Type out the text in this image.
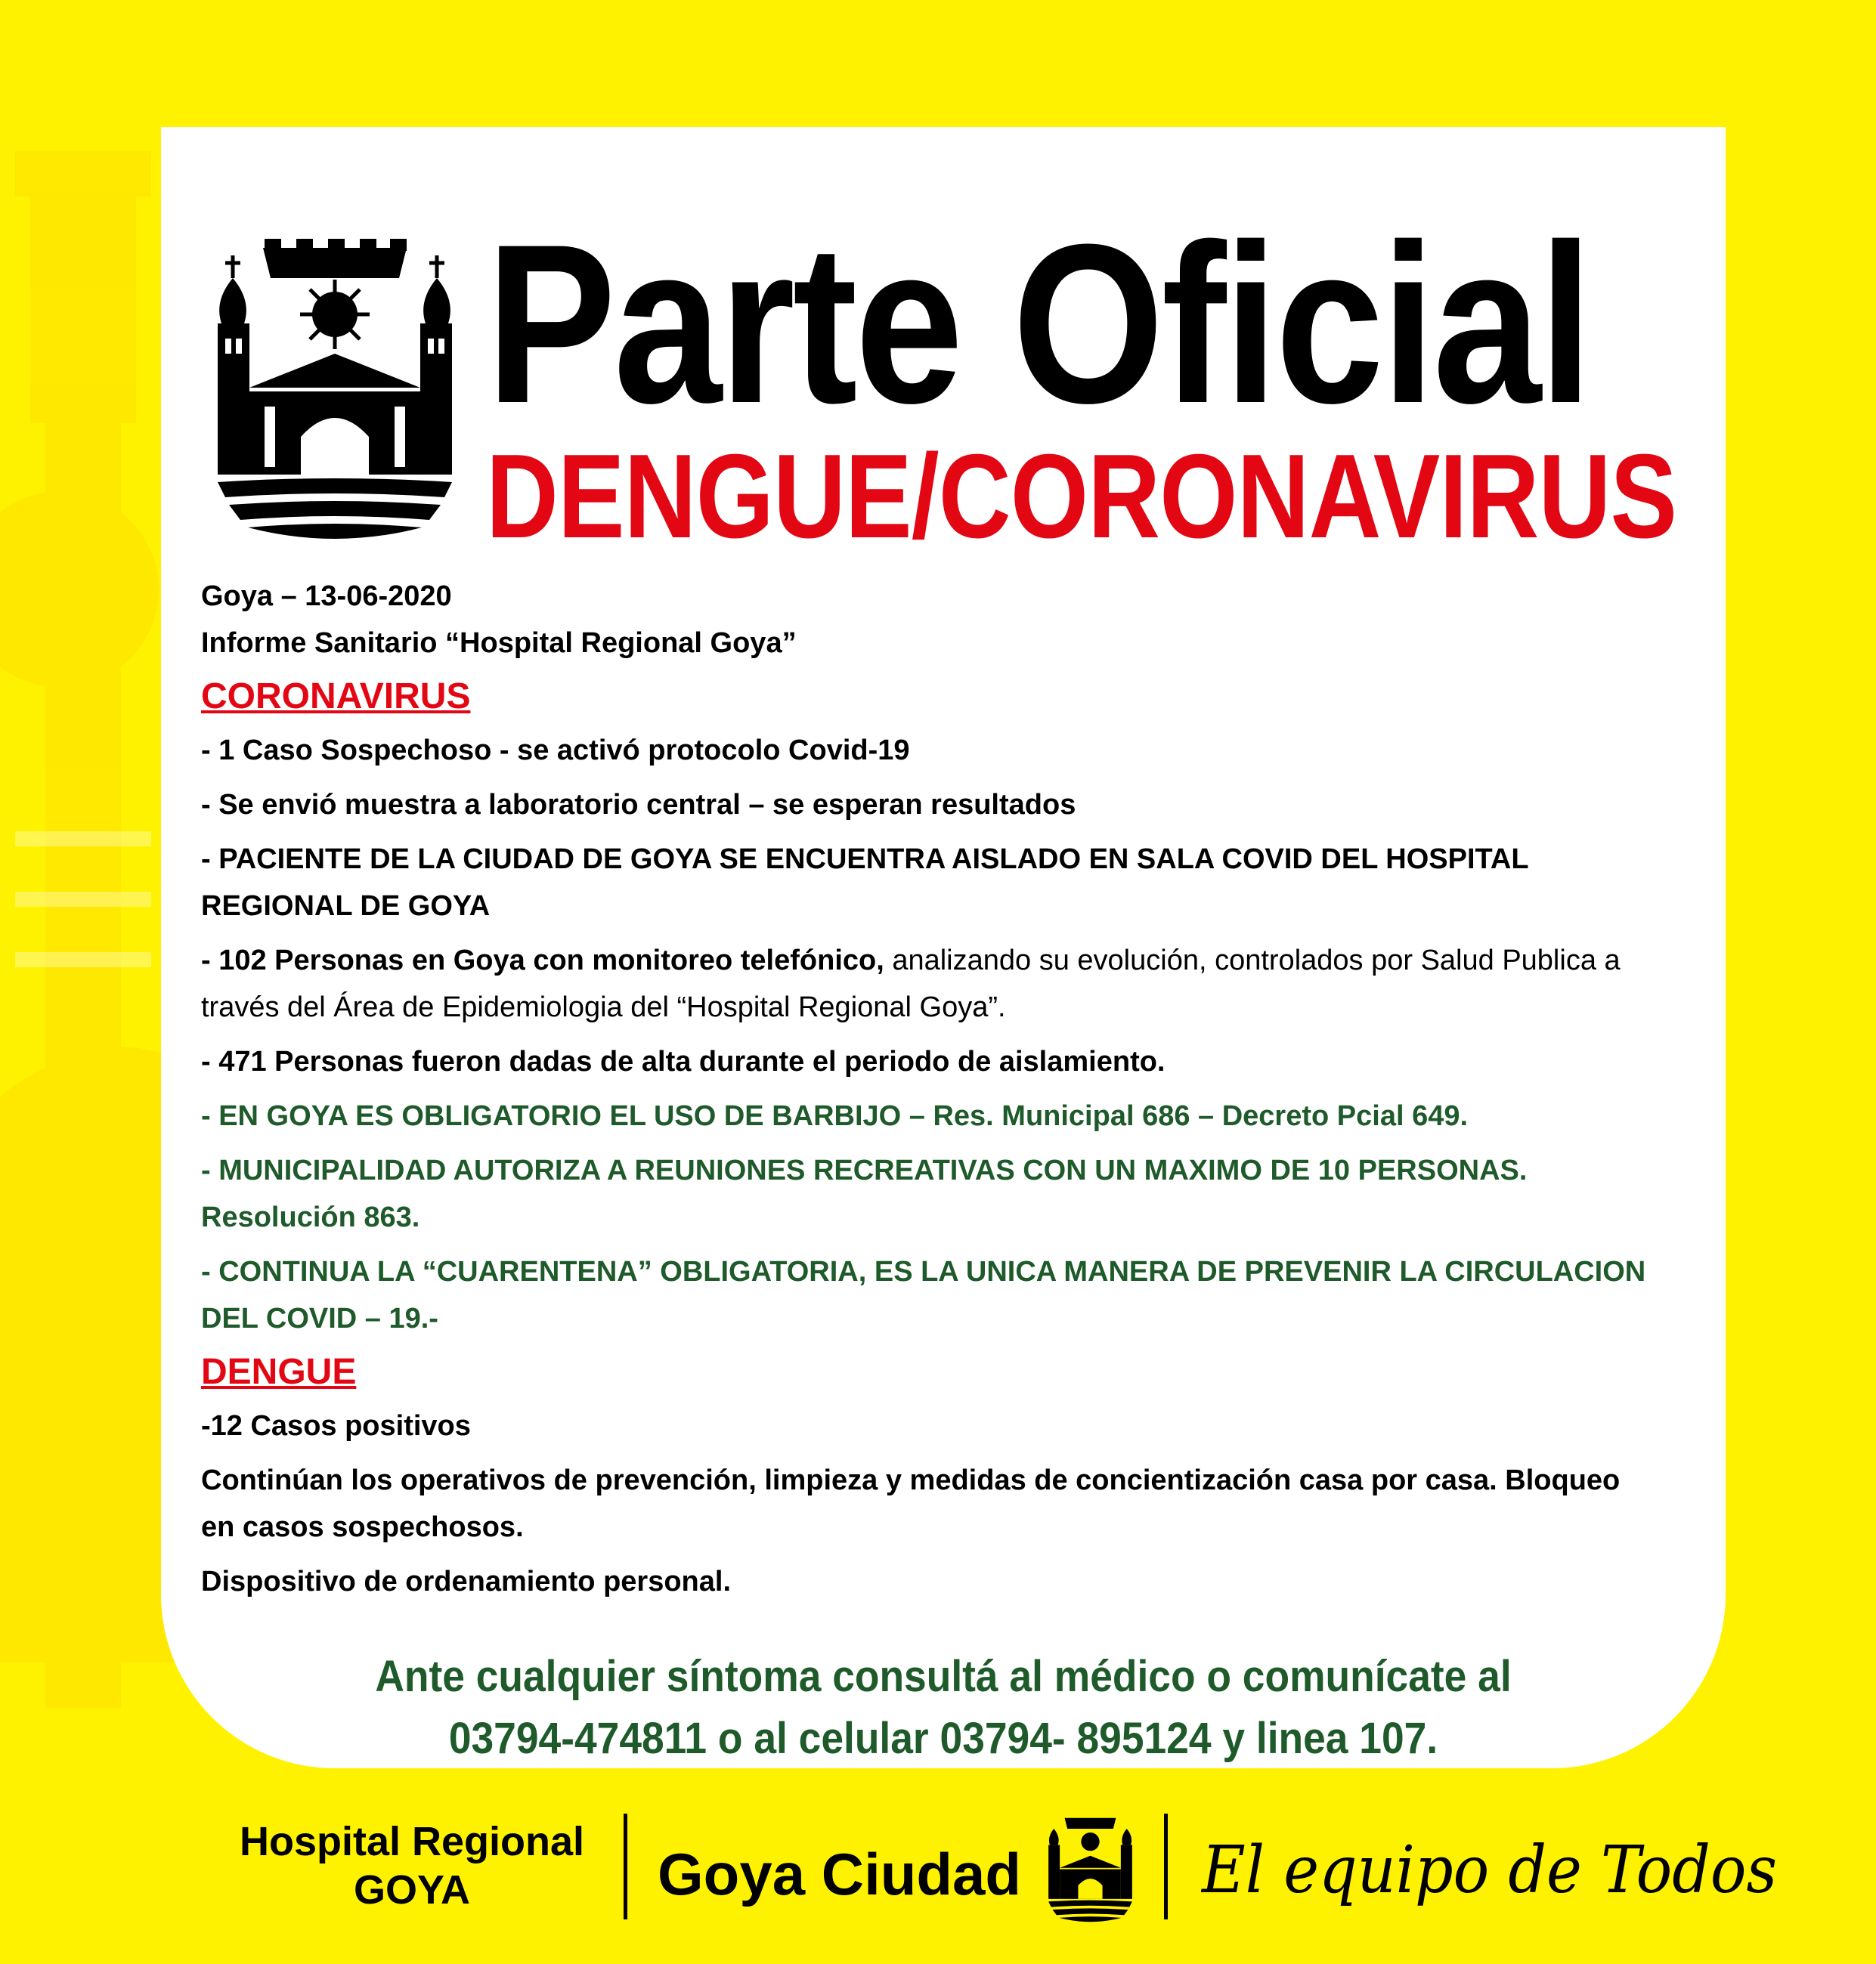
Parte Oficial
DENGUE/CORONAVIRUS

Goya – 13-06-2020

Informe Sanitario “Hospital Regional Goya”

CORONAVIRUS

- 1 Caso Sospechoso - se activó protocolo Covid-19

- Se envió muestra a laboratorio central – se esperan resultados

- PACIENTE DE LA CIUDAD DE GOYA SE ENCUENTRA AISLADO EN SALA COVID DEL HOSPITAL REGIONAL DE GOYA

- 102 Personas en Goya con monitoreo telefónico, analizando su evolución, controlados por Salud Publica a través del Área de Epidemiologia del “Hospital Regional Goya”.

- 471 Personas fueron dadas de alta durante el periodo de aislamiento.

- EN GOYA ES OBLIGATORIO EL USO DE BARBIJO – Res. Municipal 686 – Decreto Pcial 649.

- MUNICIPALIDAD AUTORIZA A REUNIONES RECREATIVAS CON UN MAXIMO DE 10 PERSONAS. Resolución 863.

- CONTINUA LA “CUARENTENA” OBLIGATORIA, ES LA UNICA MANERA DE PREVENIR LA CIRCULACION DEL COVID – 19.-

DENGUE

-12 Casos positivos

Continúan los operativos de prevención, limpieza y medidas de concientización casa por casa. Bloqueo en casos sospechosos.

Dispositivo de ordenamiento personal.

Ante cualquier síntoma consultá al médico o comunícate al
03794-474811 o al celular 03794- 895124 y linea 107.
Hospital Regional
GOYA	Goya Ciudad	El equipo de Todos
